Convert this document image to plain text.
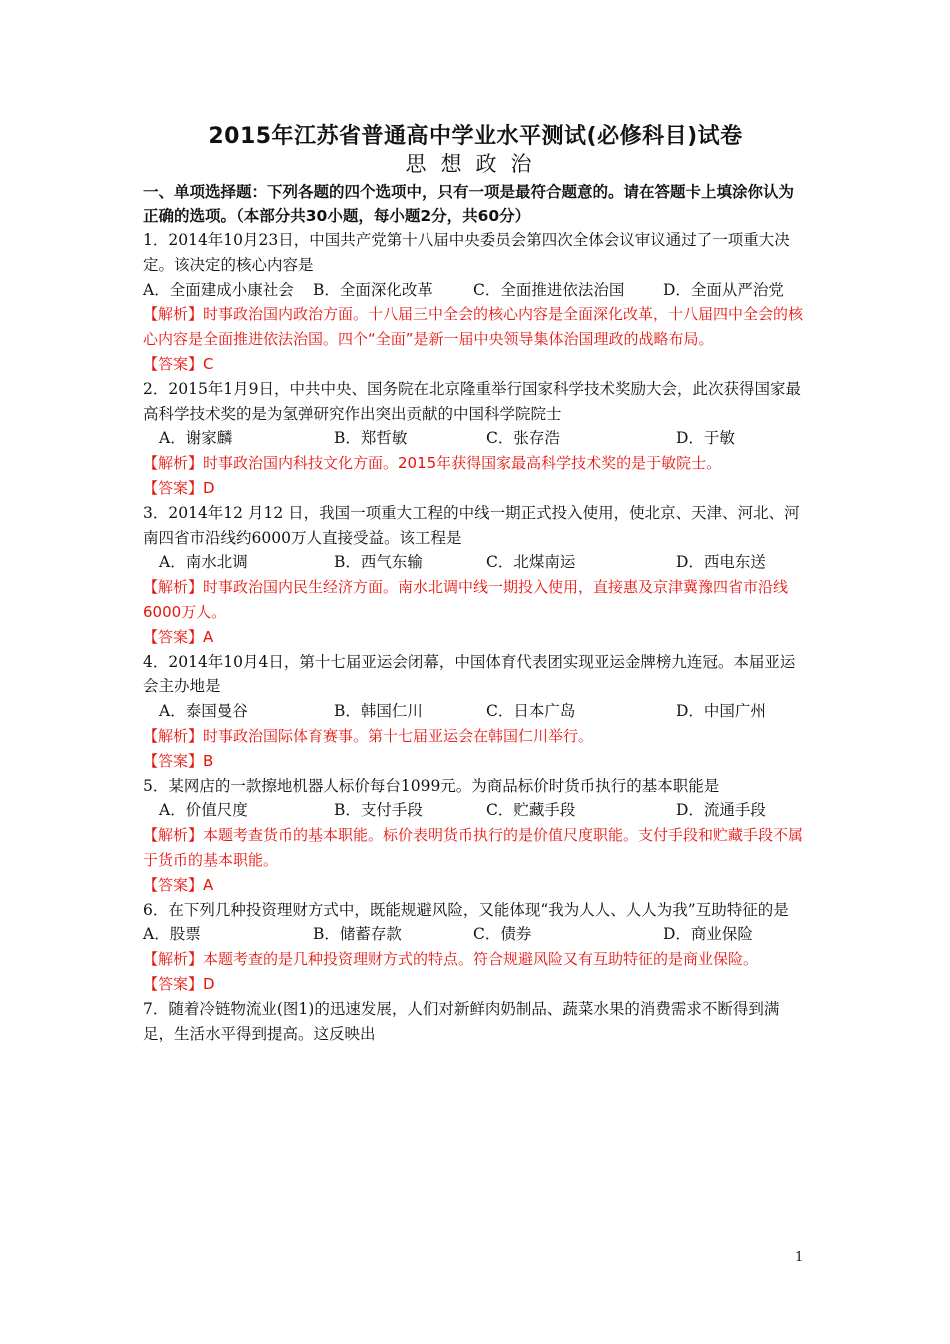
2015年江苏省普通高中学业水平测试(必修科目)试卷

思想政治

一、单项选择题：下列各题的四个选项中，只有一项是最符合题意的。请在答题卡上填涂你认为正确的选项。（本部分共30小题，每小题2分，共60分）

1．2014年10月23日，中国共产党第十八届中央委员会第四次全体会议审议通过了一项重大决定。该决定的核心内容是

A．全面建成小康社会	B．全面深化改革	C．全面推进依法治国	D．全面从严治党

【解析】时事政治国内政治方面。十八届三中全会的核心内容是全面深化改革，十八届四中全会的核心内容是全面推进依法治国。四个“全面”是新一届中央领导集体治国理政的战略布局。

【答案】C

2．2015年1月9日，中共中央、国务院在北京隆重举行国家科学技术奖励大会，此次获得国家最高科学技术奖的是为氢弹研究作出突出贡献的中国科学院院士

A．谢家麟	B．郑哲敏	C．张存浩	D．于敏

【解析】时事政治国内科技文化方面。2015年获得国家最高科学技术奖的是于敏院士。

【答案】D

3．2014年12 月12 日，我国一项重大工程的中线一期正式投入使用，使北京、天津、河北、河南四省市沿线约6000万人直接受益。该工程是

A．南水北调	B．西气东输	C．北煤南运	D．西电东送

【解析】时事政治国内民生经济方面。南水北调中线一期投入使用，直接惠及京津冀豫四省市沿线6000万人。

【答案】A

4．2014年10月4日，第十七届亚运会闭幕，中国体育代表团实现亚运金牌榜九连冠。本届亚运会主办地是

A．泰国曼谷	B．韩国仁川	C．日本广岛	D．中国广州

【解析】时事政治国际体育赛事。第十七届亚运会在韩国仁川举行。

【答案】B

5．某网店的一款擦地机器人标价每台1099元。为商品标价时货币执行的基本职能是

A．价值尺度	B．支付手段	C．贮藏手段	D．流通手段

【解析】本题考查货币的基本职能。标价表明货币执行的是价值尺度职能。支付手段和贮藏手段不属于货币的基本职能。

【答案】A

6．在下列几种投资理财方式中，既能规避风险，又能体现“我为人人、人人为我”互助特征的是

A．股票	B．储蓄存款	C．债券	D．商业保险

【解析】本题考查的是几种投资理财方式的特点。符合规避风险又有互助特征的是商业保险。

【答案】D

7．随着冷链物流业(图1)的迅速发展，人们对新鲜肉奶制品、蔬菜水果的消费需求不断得到满足，生活水平得到提高。这反映出

1
